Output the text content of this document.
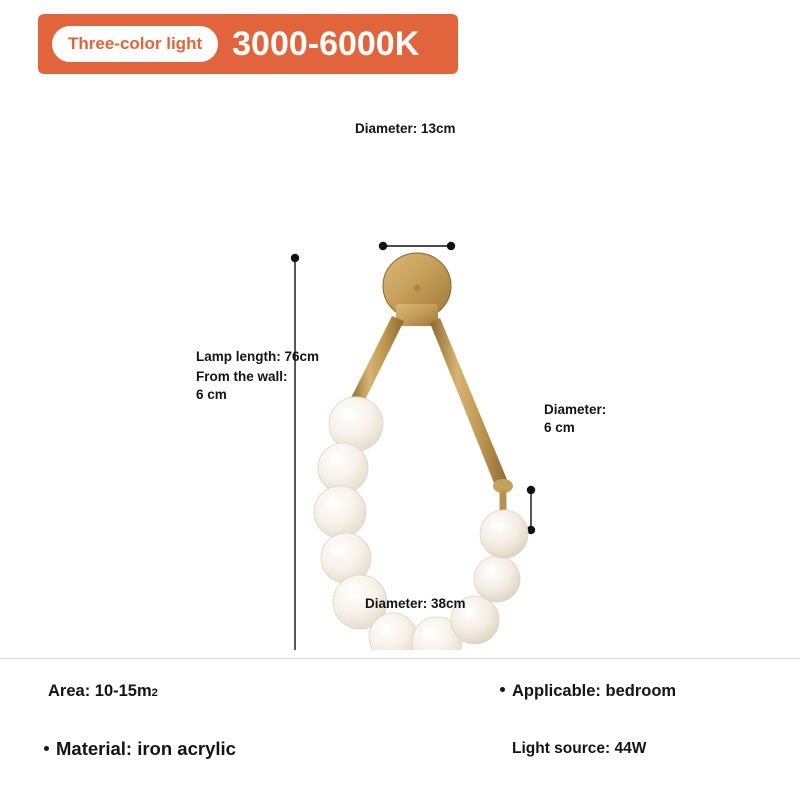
Three-color light 3000-6000K
Diameter: 13cm
Lamp length: 76cm
From the wall: 6 cm
Diameter: 6 cm
Diameter: 38cm
Area: 10-15m 2	Applicable: bedroom
Material: iron acrylic	Light source: 44W
